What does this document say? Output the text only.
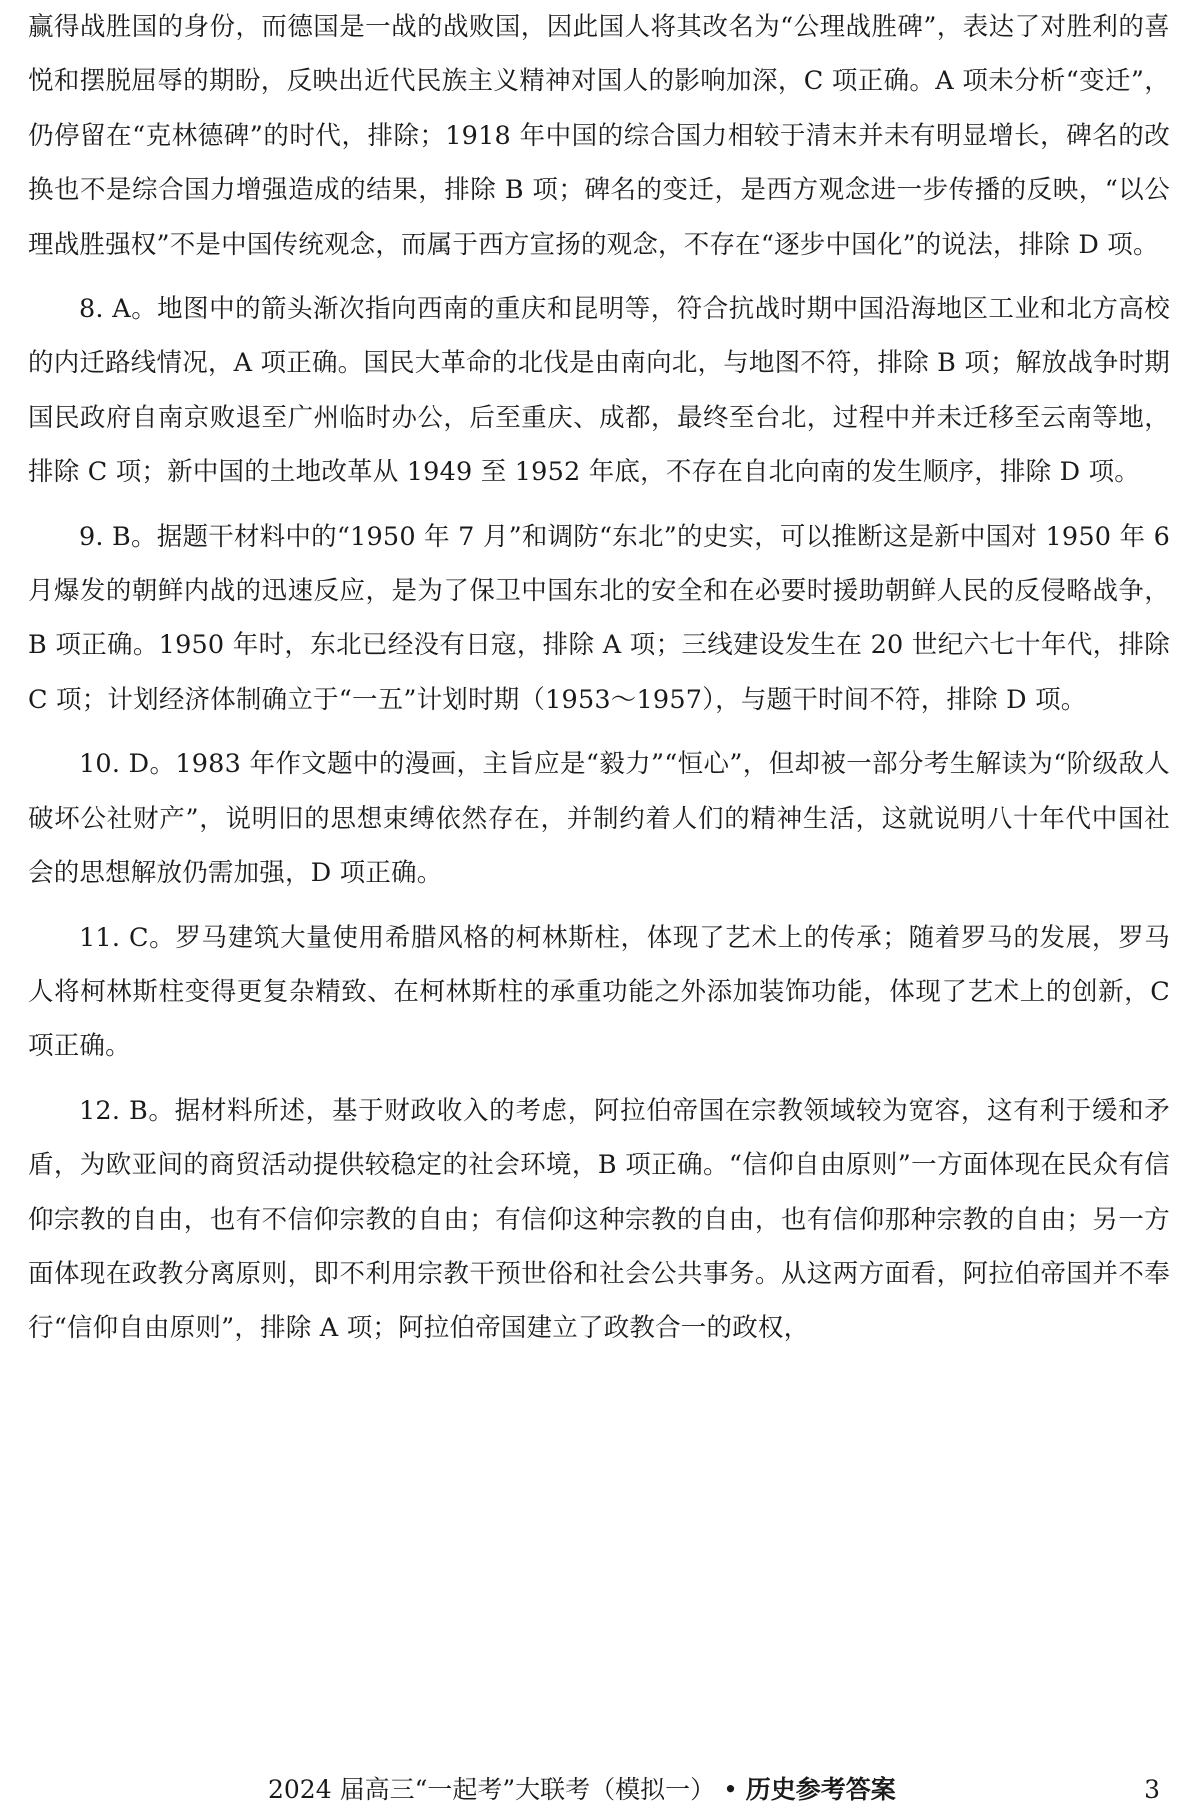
赢得战胜国的身份，而德国是一战的战败国，因此国人将其改名为“公理战胜碑”，表达了对胜利的喜悦和摆脱屈辱的期盼，反映出近代民族主义精神对国人的影响加深，C 项正确。A 项未分析“变迁”，仍停留在“克林德碑”的时代，排除；1918 年中国的综合国力相较于清末并未有明显增长，碑名的改换也不是综合国力增强造成的结果，排除 B 项；碑名的变迁，是西方观念进一步传播的反映，“以公理战胜强权”不是中国传统观念，而属于西方宣扬的观念，不存在“逐步中国化”的说法，排除 D 项。

8. A。地图中的箭头渐次指向西南的重庆和昆明等，符合抗战时期中国沿海地区工业和北方高校的内迁路线情况，A 项正确。国民大革命的北伐是由南向北，与地图不符，排除 B 项；解放战争时期国民政府自南京败退至广州临时办公，后至重庆、成都，最终至台北，过程中并未迁移至云南等地，排除 C 项；新中国的土地改革从 1949 至 1952 年底，不存在自北向南的发生顺序，排除 D 项。

9. B。据题干材料中的“1950 年 7 月”和调防“东北”的史实，可以推断这是新中国对 1950 年 6 月爆发的朝鲜内战的迅速反应，是为了保卫中国东北的安全和在必要时援助朝鲜人民的反侵略战争，B 项正确。1950 年时，东北已经没有日寇，排除 A 项；三线建设发生在 20 世纪六七十年代，排除 C 项；计划经济体制确立于“一五”计划时期（1953～1957），与题干时间不符，排除 D 项。

10. D。1983 年作文题中的漫画，主旨应是“毅力”“恒心”，但却被一部分考生解读为“阶级敌人破坏公社财产”，说明旧的思想束缚依然存在，并制约着人们的精神生活，这就说明八十年代中国社会的思想解放仍需加强，D 项正确。

11. C。罗马建筑大量使用希腊风格的柯林斯柱，体现了艺术上的传承；随着罗马的发展，罗马人将柯林斯柱变得更复杂精致、在柯林斯柱的承重功能之外添加装饰功能，体现了艺术上的创新，C 项正确。

12. B。据材料所述，基于财政收入的考虑，阿拉伯帝国在宗教领域较为宽容，这有利于缓和矛盾，为欧亚间的商贸活动提供较稳定的社会环境，B 项正确。“信仰自由原则”一方面体现在民众有信仰宗教的自由，也有不信仰宗教的自由；有信仰这种宗教的自由，也有信仰那种宗教的自由；另一方面体现在政教分离原则，即不利用宗教干预世俗和社会公共事务。从这两方面看，阿拉伯帝国并不奉行“信仰自由原则”，排除 A 项；阿拉伯帝国建立了政教合一的政权，

2024 届高三“一起考”大联考（模拟一） • 历史参考答案	3
